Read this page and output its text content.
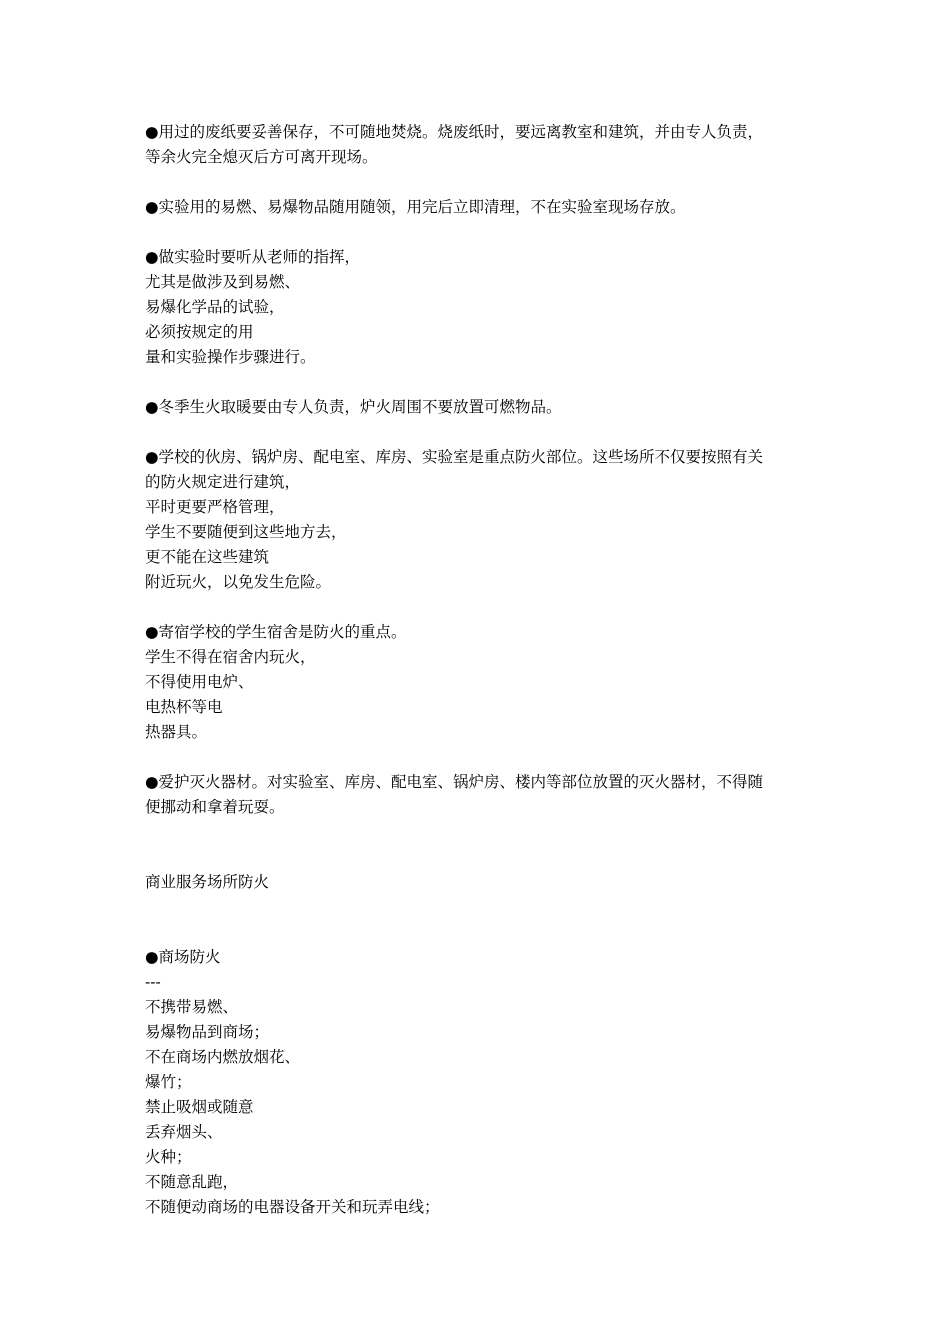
●用过的废纸要妥善保存，不可随地焚烧。烧废纸时，要远离教室和建筑，并由专人负责，
等余火完全熄灭后方可离开现场。
●实验用的易燃、易爆物品随用随领，用完后立即清理，不在实验室现场存放。
●做实验时要听从老师的指挥，
尤其是做涉及到易燃、
易爆化学品的试验，
必须按规定的用
量和实验操作步骤进行。
●冬季生火取暖要由专人负责，炉火周围不要放置可燃物品。
●学校的伙房、锅炉房、配电室、库房、实验室是重点防火部位。这些场所不仅要按照有关
的防火规定进行建筑，
平时更要严格管理，
学生不要随便到这些地方去，
更不能在这些建筑
附近玩火，以免发生危险。
●寄宿学校的学生宿舍是防火的重点。
学生不得在宿舍内玩火，
不得使用电炉、
电热杯等电
热器具。
●爱护灭火器材。对实验室、库房、配电室、锅炉房、楼内等部位放置的灭火器材，不得随
便挪动和拿着玩耍。
商业服务场所防火
●商场防火
---
不携带易燃、
易爆物品到商场；
不在商场内燃放烟花、
爆竹；
禁止吸烟或随意
丢弃烟头、
火种；
不随意乱跑，
不随便动商场的电器设备开关和玩弄电线；
